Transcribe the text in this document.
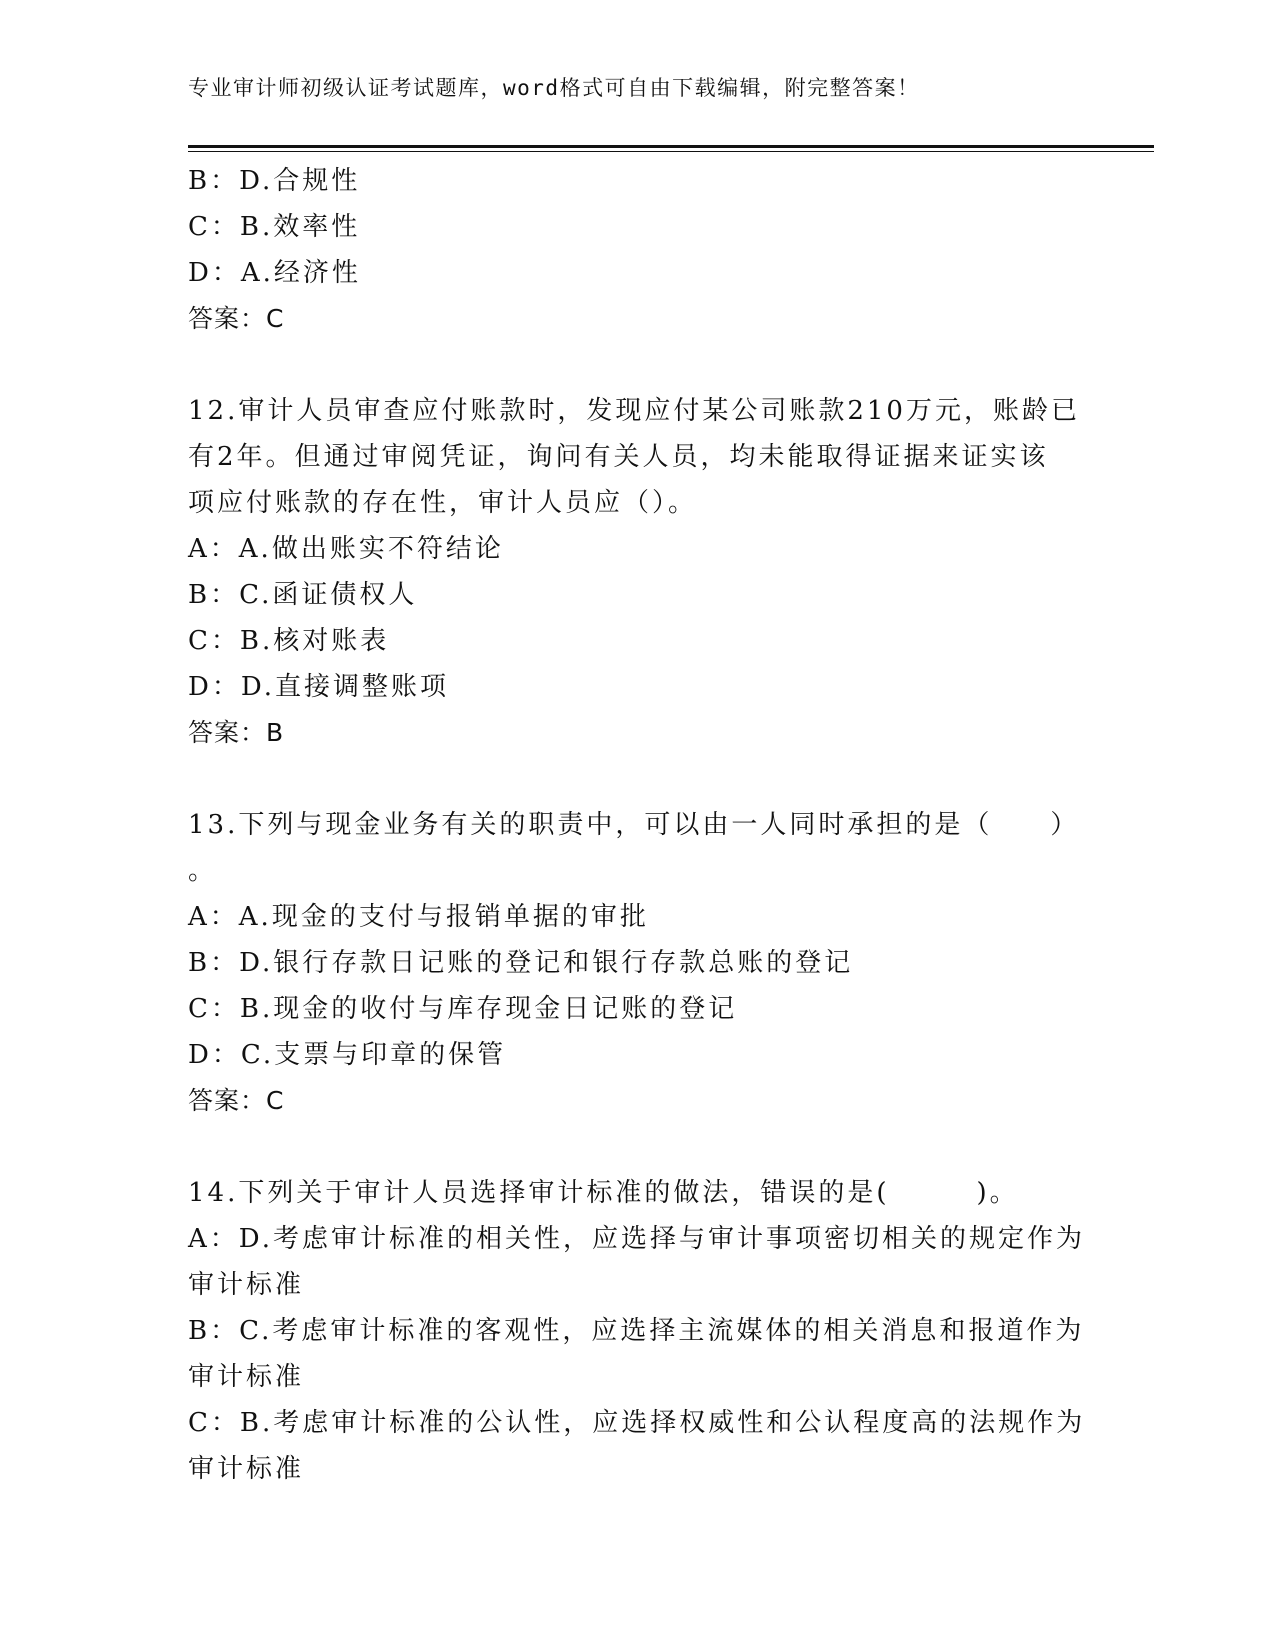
专业审计师初级认证考试题库，word格式可自由下载编辑，附完整答案！
B：D.合规性
C：B.效率性
D：A.经济性
答案：C
12.审计人员审查应付账款时，发现应付某公司账款210万元，账龄已
有2年。但通过审阅凭证，询问有关人员，均未能取得证据来证实该
项应付账款的存在性，审计人员应（）。
A：A.做出账实不符结论
B：C.函证债权人
C：B.核对账表
D：D.直接调整账项
答案：B
13.下列与现金业务有关的职责中，可以由一人同时承担的是（　　）
。
A：A.现金的支付与报销单据的审批
B：D.银行存款日记账的登记和银行存款总账的登记
C：B.现金的收付与库存现金日记账的登记
D：C.支票与印章的保管
答案：C
14.下列关于审计人员选择审计标准的做法，错误的是(　　　)。
A：D.考虑审计标准的相关性，应选择与审计事项密切相关的规定作为
审计标准
B：C.考虑审计标准的客观性，应选择主流媒体的相关消息和报道作为
审计标准
C：B.考虑审计标准的公认性，应选择权威性和公认程度高的法规作为
审计标准
